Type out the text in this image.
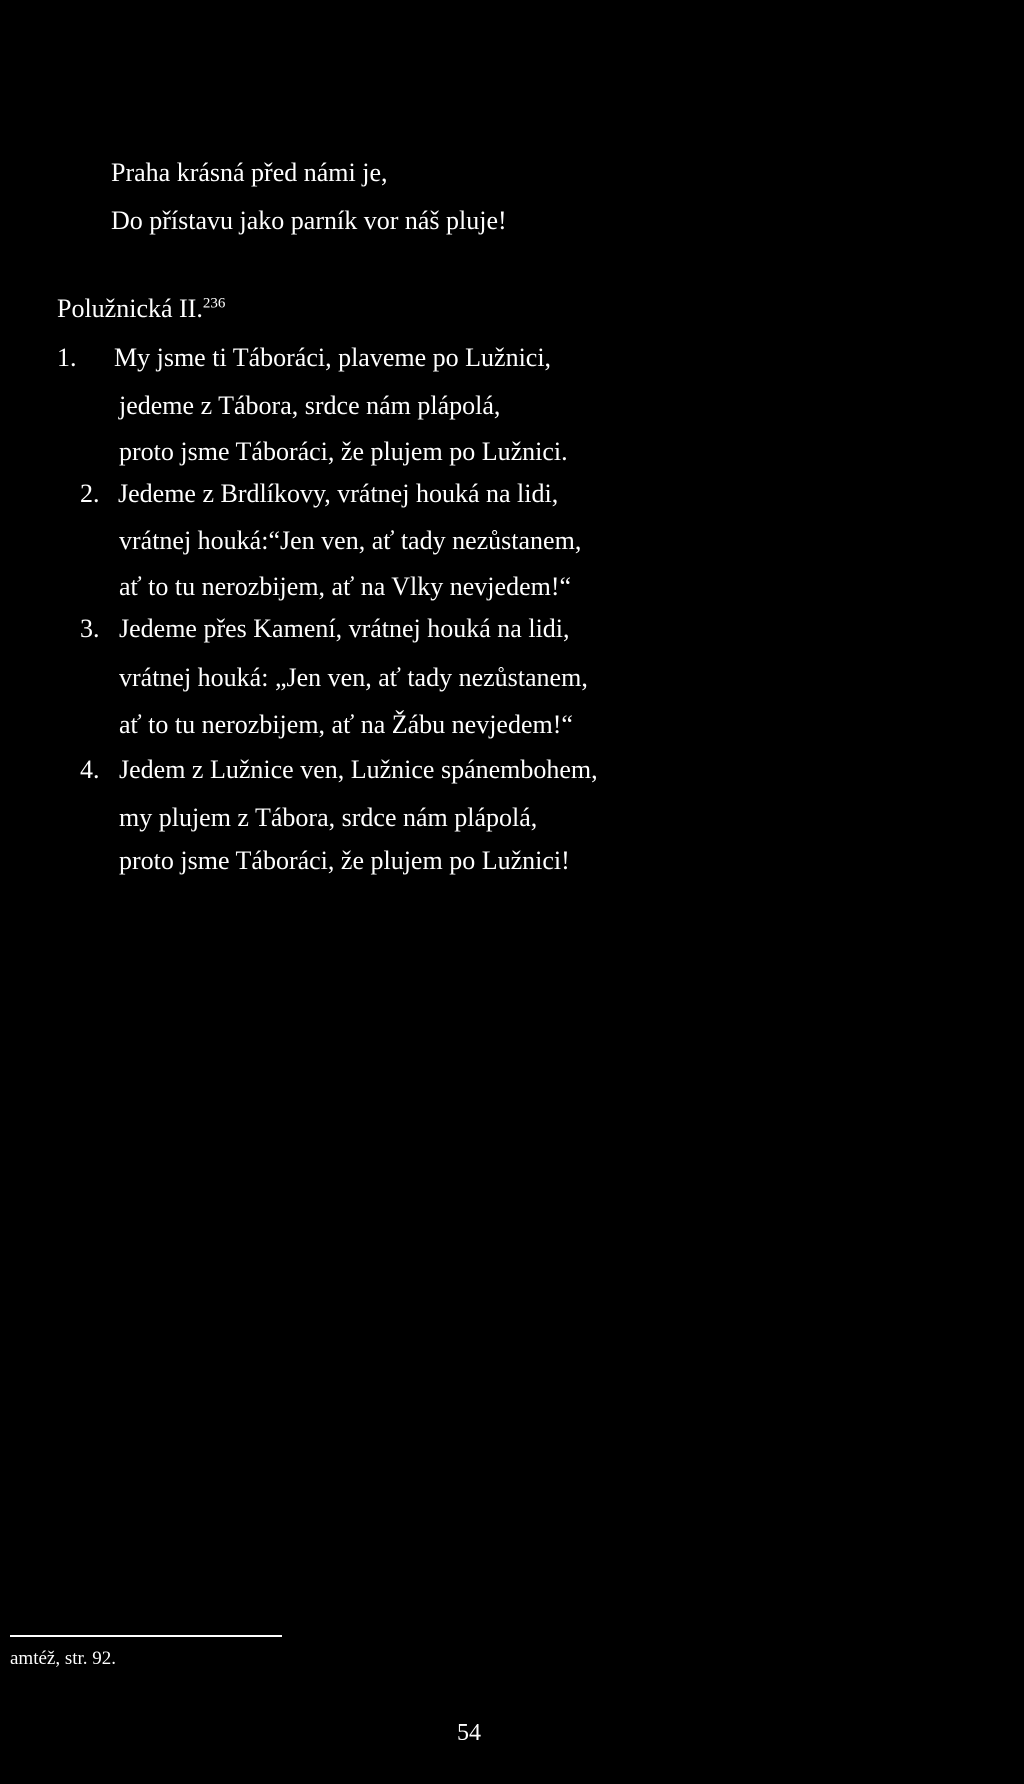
Praha krásná před námi je,
Do přístavu jako parník vor náš pluje!
Polužnická II.$^{236}$
1. My jsme ti Táboráci, plaveme po Lužnici,
jedeme z Tábora, srdce nám plápolá,
proto jsme Táboráci, že plujem po Lužnici.
2. Jedeme z Brdlíkovy, vrátnej houká na lidi,
vrátnej houká:“Jen ven, ať tady nezůstanem,
ať to tu nerozbijem, ať na Vlky nevjedem!“
3. Jedeme přes Kamení, vrátnej houká na lidi,
vrátnej houká: „Jen ven, ať tady nezůstanem,
ať to tu nerozbijem, ať na Žábu nevjedem!“
4. Jedem z Lužnice ven, Lužnice spánembohem,
my plujem z Tábora, srdce nám plápolá,
proto jsme Táboráci, že plujem po Lužnici!
amtéž, str. 92.
54
